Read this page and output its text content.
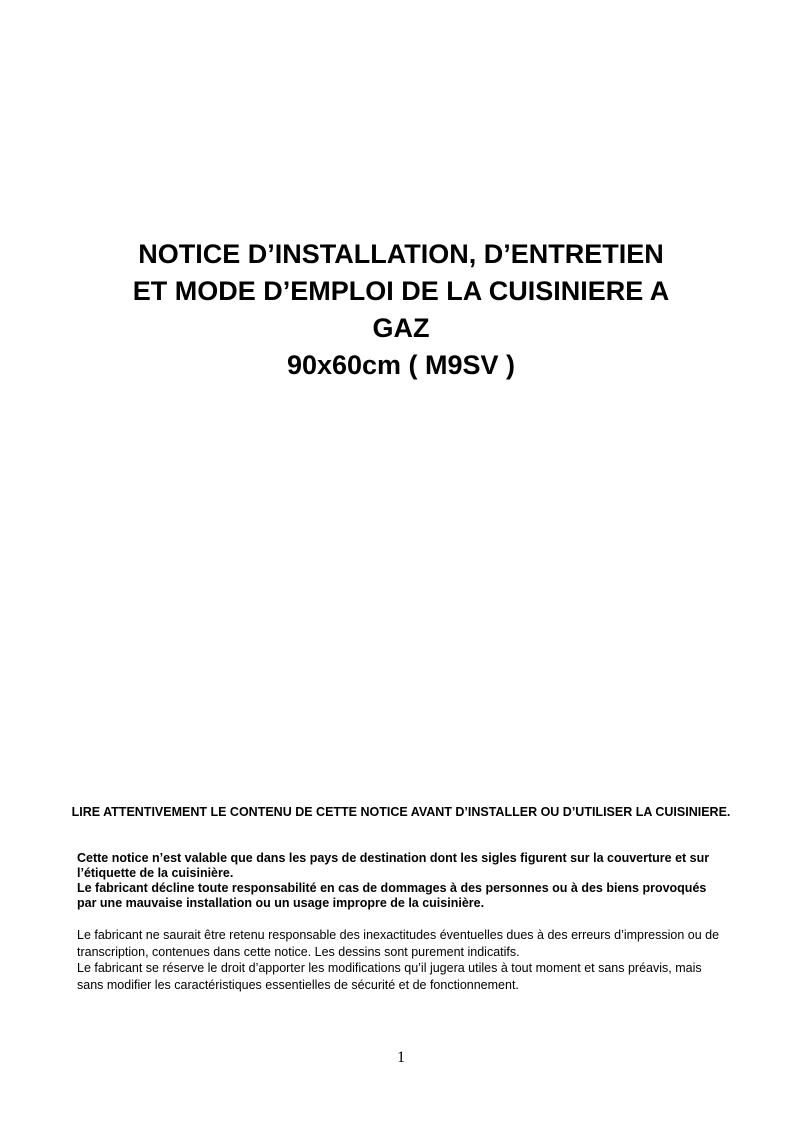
NOTICE D’INSTALLATION, D’ENTRETIEN
ET MODE D’EMPLOI DE LA CUISINIERE A
GAZ
90x60cm ( M9SV )
LIRE ATTENTIVEMENT LE CONTENU DE CETTE NOTICE AVANT D’INSTALLER OU D’UTILISER LA CUISINIERE.

Cette notice n’est valable que dans les pays de destination dont les sigles figurent sur la couverture et sur l’étiquette de la cuisinière.

Le fabricant décline toute responsabilité en cas de dommages à des personnes ou à des biens provoqués par une mauvaise installation ou un usage impropre de la cuisinière.

Le fabricant ne saurait être retenu responsable des inexactitudes éventuelles dues à des erreurs d’impression ou de transcription, contenues dans cette notice. Les dessins sont purement indicatifs.

Le fabricant se réserve le droit d’apporter les modifications qu’il jugera utiles à tout moment et sans préavis, mais sans modifier les caractéristiques essentielles de sécurité et de fonctionnement.

1
